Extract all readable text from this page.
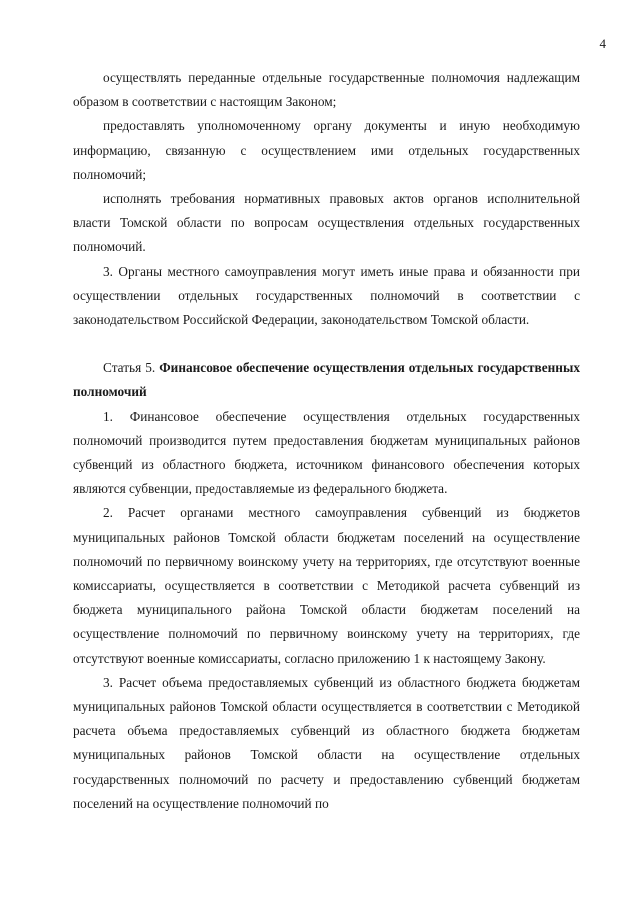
4

осуществлять переданные отдельные государственные полномочия надлежащим образом в соответствии с настоящим Законом;

предоставлять уполномоченному органу документы и иную необходимую информацию, связанную с осуществлением ими отдельных государственных полномочий;

исполнять требования нормативных правовых актов органов исполнительной власти Томской области по вопросам осуществления отдельных государственных полномочий.

3. Органы местного самоуправления могут иметь иные права и обязанности при осуществлении отдельных государственных полномочий в соответствии с законодательством Российской Федерации, законодательством Томской области.

Статья 5. Финансовое обеспечение осуществления отдельных государственных полномочий

1. Финансовое обеспечение осуществления отдельных государственных полномочий производится путем предоставления бюджетам муниципальных районов субвенций из областного бюджета, источником финансового обеспечения которых являются субвенции, предоставляемые из федерального бюджета.

2. Расчет органами местного самоуправления субвенций из бюджетов муниципальных районов Томской области бюджетам поселений на осуществление полномочий по первичному воинскому учету на территориях, где отсутствуют военные комиссариаты, осуществляется в соответствии с Методикой расчета субвенций из бюджета муниципального района Томской области бюджетам поселений на осуществление полномочий по первичному воинскому учету на территориях, где отсутствуют военные комиссариаты, согласно приложению 1 к настоящему Закону.

3. Расчет объема предоставляемых субвенций из областного бюджета бюджетам муниципальных районов Томской области осуществляется в соответствии с Методикой расчета объема предоставляемых субвенций из областного бюджета бюджетам муниципальных районов Томской области на осуществление отдельных государственных полномочий по расчету и предоставлению субвенций бюджетам поселений на осуществление полномочий по
